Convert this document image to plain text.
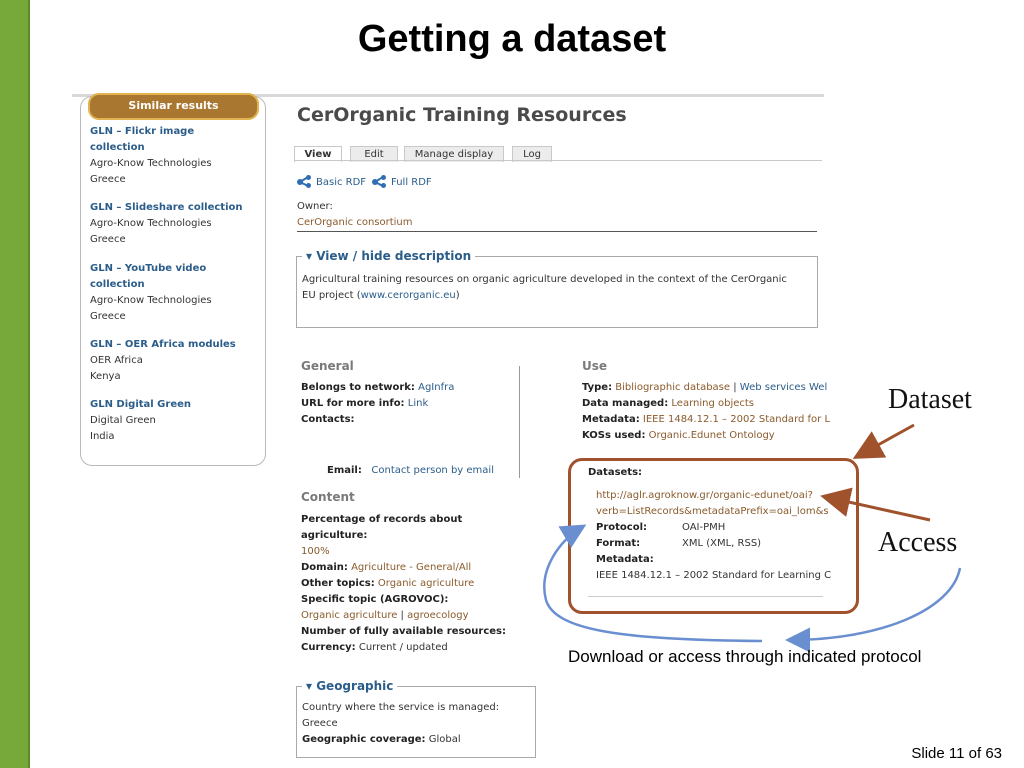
Getting a dataset
Similar results
GLN – Flickr image
collection
Agro-Know Technologies
Greece
GLN – Slideshare collection
Agro-Know Technologies
Greece
GLN – YouTube video
collection
Agro-Know Technologies
Greece
GLN – OER Africa modules
OER Africa
Kenya
GLN Digital Green
Digital Green
India
CerOrganic Training Resources
View	Edit	Manage display	Log
Basic RDF Full RDF
Owner:
CerOrganic consortium
▾ View / hide description
Agricultural training resources on organic agriculture developed in the context of the CerOrganic
EU project (www.cerorganic.eu)
General
Belongs to network: AgInfra
URL for more info: Link
Contacts:
Email: Contact person by email
Use
Type: Bibliographic database | Web services Wel
Data managed: Learning objects
Metadata: IEEE 1484.12.1 – 2002 Standard for L
KOSs used: Organic.Edunet Ontology
Datasets:
http://aglr.agroknow.gr/organic-edunet/oai?
verb=ListRecords&metadataPrefix=oai_lom&s
Protocol:	OAI-PMH
Format:	XML (XML, RSS)
Metadata:
IEEE 1484.12.1 – 2002 Standard for Learning C
Content
Percentage of records about
agriculture:
100%
Domain: Agriculture - General/All
Other topics: Organic agriculture
Specific topic (AGROVOC):
Organic agriculture | agroecology
Number of fully available resources:
Currency: Current / updated
▾ Geographic
Country where the service is managed:
Greece
Geographic coverage: Global
Dataset
Access
Download or access through indicated protocol
Slide 11 of 63
